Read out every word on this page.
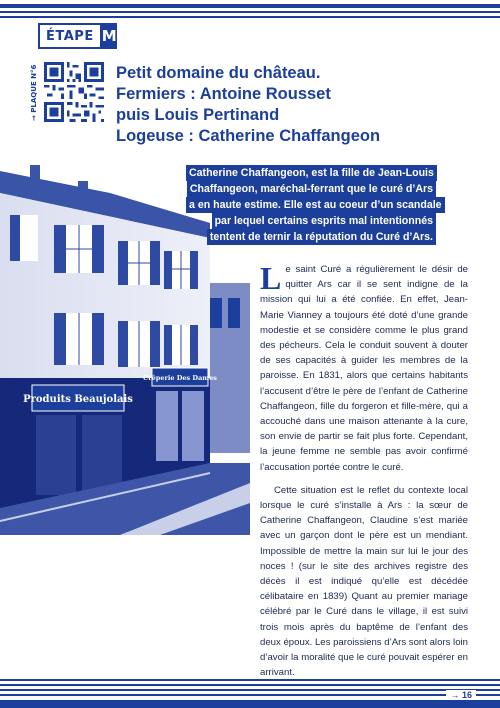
ÉTAPE M
→ PLAQUE N°6	Petit domaine du château.
Fermiers : Antoine Rousset
puis Louis Pertinand
Logeuse : Catherine Chaffangeon
Produits Beaujolais
Crêperie Des Dames
Catherine Chaffangeon, est la fille de Jean-Louis
Chaffangeon, maréchal-ferrant que le curé d’Ars
a en haute estime. Elle est au coeur d’un scandale
par lequel certains esprits mal intentionnés
tentent de ternir la réputation du Curé d’Ars.

Le saint Curé a régulièrement le désir de quitter Ars car il se sent indigne de la mission qui lui a été confiée. En effet, Jean-Marie Vianney a toujours été doté d’une grande modestie et se considère comme le plus grand des pécheurs. Cela le conduit souvent à douter de ses capacités à guider les membres de la paroisse. En 1831, alors que certains habitants l’accusent d’être le père de l’enfant de Catherine Chaffangeon, fille du forgeron et fille-mère, qui a accouché dans une maison attenante à la cure, son envie de partir se fait plus forte. Cependant, la jeune femme ne semble pas avoir confirmé l’accusation portée contre le curé.

Cette situation est le reflet du contexte local lorsque le curé s’installe à Ars : la sœur de Catherine Chaffangeon, Claudine s’est mariée avec un garçon dont le père est un mendiant. Impossible de mettre la main sur lui le jour des noces ! (sur le site des archives registre des décès il est indiqué qu’elle est décédée célibataire en 1839) Quant au premier mariage célébré par le Curé dans le village, il est suivi trois mois après du baptême de l’enfant des deux époux. Les paroissiens d’Ars sont alors loin d’avoir la moralité que le curé pouvait espérer en arrivant.

→ 16
